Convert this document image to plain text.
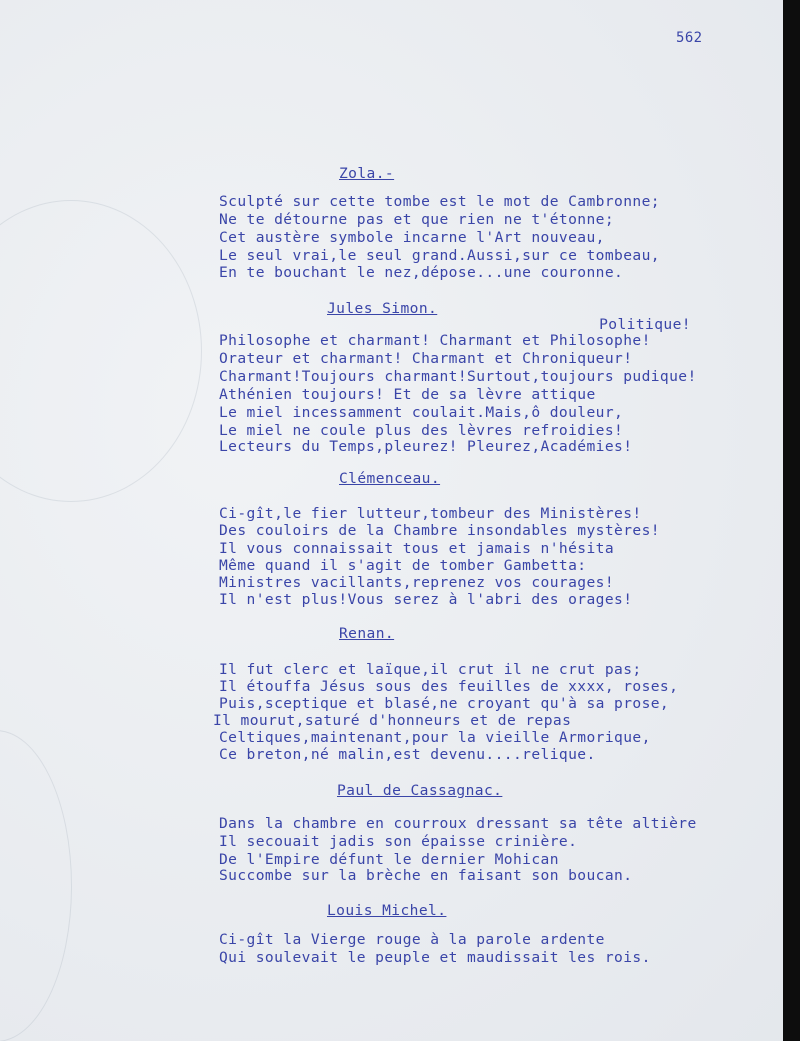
562
Zola.-
Sculpté sur cette tombe est le mot de Cambronne;
Ne te détourne pas et que rien ne t'étonne;
Cet austère symbole incarne l'Art nouveau,
Le seul vrai,le seul grand.Aussi,sur ce tombeau,
En te bouchant le nez,dépose...une couronne.
Jules Simon.
Politique!
Philosophe et charmant! Charmant et Philosophe!
Orateur et charmant! Charmant et Chroniqueur!
Charmant!Toujours charmant!Surtout,toujours pudique!
Athénien toujours! Et de sa lèvre attique
Le miel incessamment coulait.Mais,ô douleur,
Le miel ne coule plus des lèvres refroidies!
Lecteurs du Temps,pleurez! Pleurez,Académies!
Clémenceau.
Ci-gît,le fier lutteur,tombeur des Ministères!
Des couloirs de la Chambre insondables mystères!
Il vous connaissait tous et jamais n'hésita
Même quand il s'agit de tomber Gambetta:
Ministres vacillants,reprenez vos courages!
Il n'est plus!Vous serez à l'abri des orages!
Renan.
Il fut clerc et laïque,il crut il ne crut pas;
Il étouffa Jésus sous des feuilles de xxxx, roses,
Puis,sceptique et blasé,ne croyant qu'à sa prose,
Il mourut,saturé d'honneurs et de repas
Celtiques,maintenant,pour la vieille Armorique,
Ce breton,né malin,est devenu....relique.
Paul de Cassagnac.
Dans la chambre en courroux dressant sa tête altière
Il secouait jadis son épaisse crinière.
De l'Empire défunt le dernier Mohican
Succombe sur la brèche en faisant son boucan.
Louis Michel.
Ci-gît la Vierge rouge à la parole ardente
Qui soulevait le peuple et maudissait les rois.
